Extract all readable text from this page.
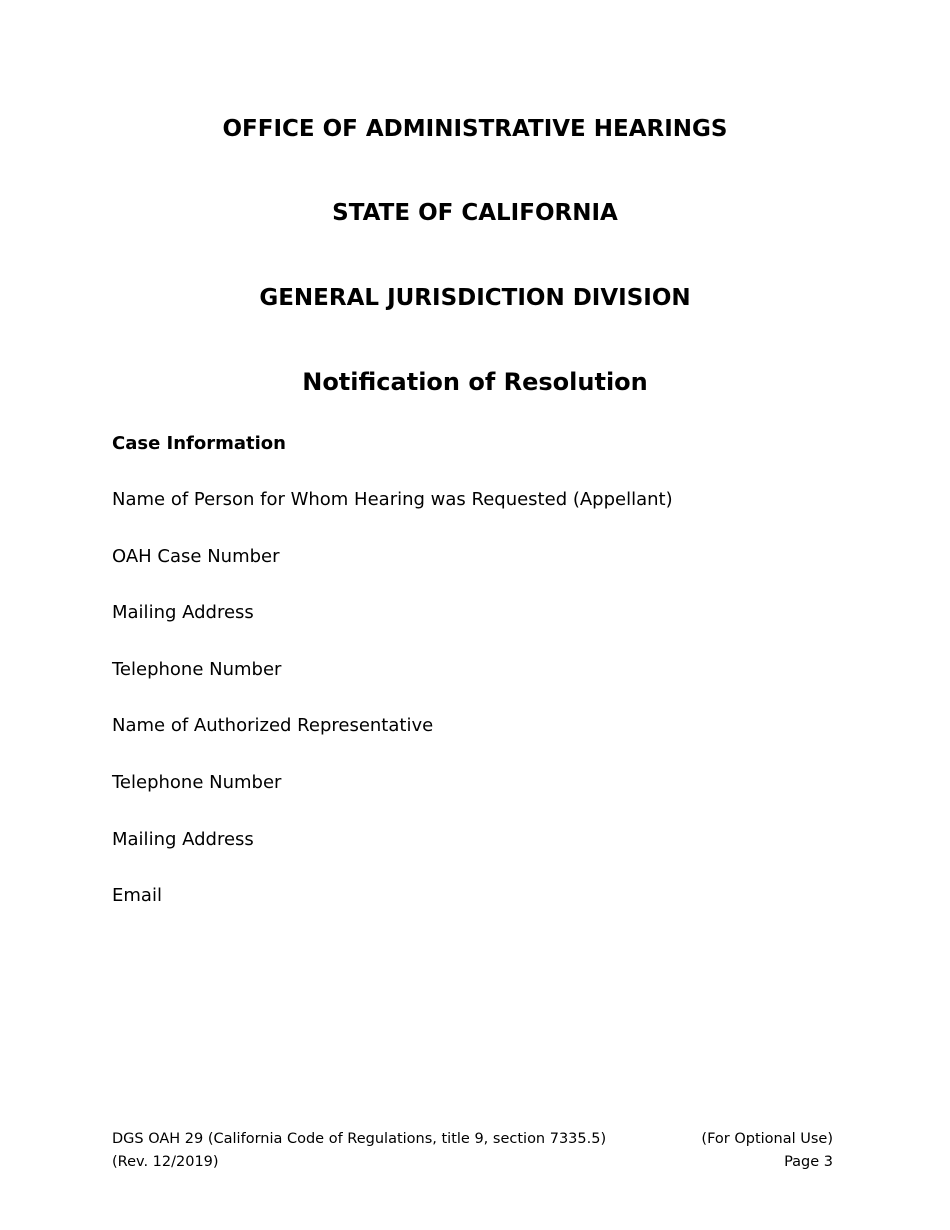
OFFICE OF ADMINISTRATIVE HEARINGS
STATE OF CALIFORNIA
GENERAL JURISDICTION DIVISION
Notification of Resolution
Case Information

Name of Person for Whom Hearing was Requested (Appellant)

OAH Case Number

Mailing Address

Telephone Number

Name of Authorized Representative

Telephone Number

Mailing Address

Email

DGS OAH 29 (California Code of Regulations, title 9, section 7335.5)
(Rev. 12/2019)
(For Optional Use)
Page 3
